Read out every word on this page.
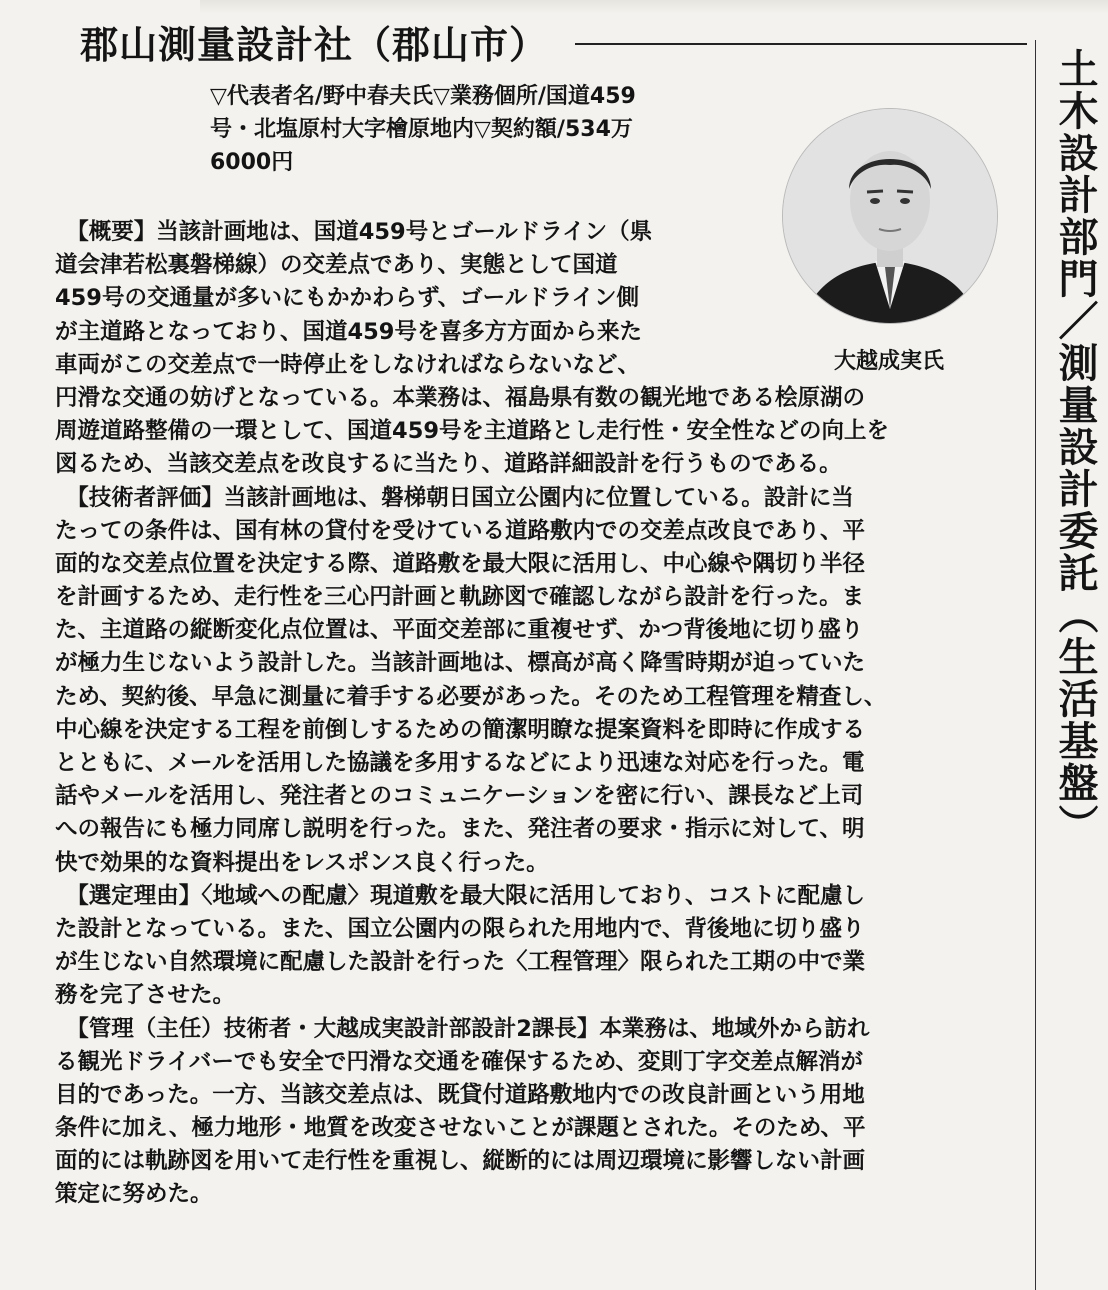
郡山測量設計社（郡山市）
土木設計部門／測量設計委託（生活基盤）
▽代表者名/野中春夫氏▽業務個所/国道459
号・北塩原村大字檜原地内▽契約額/534万
6000円
大越成実氏
　【概要】当該計画地は、国道459号とゴールドライン（県
道会津若松裏磐梯線）の交差点であり、実態として国道
459号の交通量が多いにもかかわらず、ゴールドライン側
が主道路となっており、国道459号を喜多方方面から来た
車両がこの交差点で一時停止をしなければならないなど、
円滑な交通の妨げとなっている。本業務は、福島県有数の観光地である桧原湖の
周遊道路整備の一環として、国道459号を主道路とし走行性・安全性などの向上を
図るため、当該交差点を改良するに当たり、道路詳細設計を行うものである。
　【技術者評価】当該計画地は、磐梯朝日国立公園内に位置している。設計に当
たっての条件は、国有林の貸付を受けている道路敷内での交差点改良であり、平
面的な交差点位置を決定する際、道路敷を最大限に活用し、中心線や隅切り半径
を計画するため、走行性を三心円計画と軌跡図で確認しながら設計を行った。ま
た、主道路の縦断変化点位置は、平面交差部に重複せず、かつ背後地に切り盛り
が極力生じないよう設計した。当該計画地は、標高が高く降雪時期が迫っていた
ため、契約後、早急に測量に着手する必要があった。そのため工程管理を精査し、
中心線を決定する工程を前倒しするための簡潔明瞭な提案資料を即時に作成する
とともに、メールを活用した協議を多用するなどにより迅速な対応を行った。電
話やメールを活用し、発注者とのコミュニケーションを密に行い、課長など上司
への報告にも極力同席し説明を行った。また、発注者の要求・指示に対して、明
快で効果的な資料提出をレスポンス良く行った。
　【選定理由】〈地域への配慮〉現道敷を最大限に活用しており、コストに配慮し
た設計となっている。また、国立公園内の限られた用地内で、背後地に切り盛り
が生じない自然環境に配慮した設計を行った〈工程管理〉限られた工期の中で業
務を完了させた。
　【管理（主任）技術者・大越成実設計部設計2課長】本業務は、地域外から訪れ
る観光ドライバーでも安全で円滑な交通を確保するため、変則丁字交差点解消が
目的であった。一方、当該交差点は、既貸付道路敷地内での改良計画という用地
条件に加え、極力地形・地質を改変させないことが課題とされた。そのため、平
面的には軌跡図を用いて走行性を重視し、縦断的には周辺環境に影響しない計画
策定に努めた。
